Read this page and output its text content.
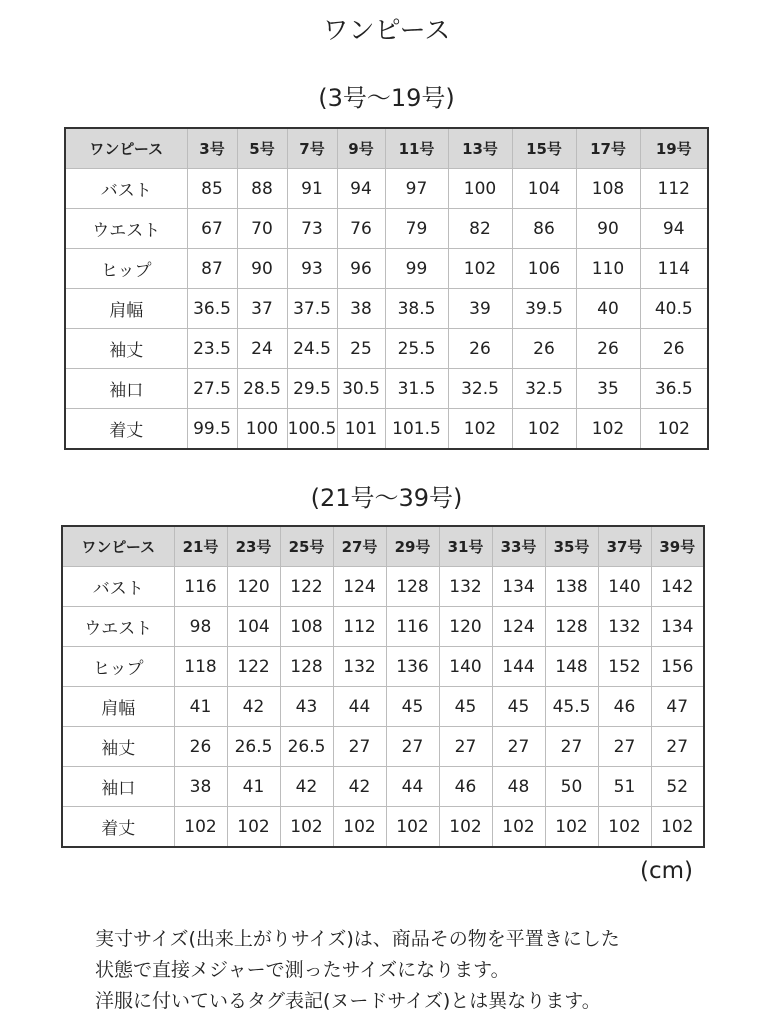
ワンピース
(3号〜19号)
ワンピース	3号	5号	7号	9号	11号	13号	15号	17号	19号
バスト	85	88	91	94	97	100	104	108	112
ウエスト	67	70	73	76	79	82	86	90	94
ヒップ	87	90	93	96	99	102	106	110	114
肩幅	36.5	37	37.5	38	38.5	39	39.5	40	40.5
袖丈	23.5	24	24.5	25	25.5	26	26	26	26
袖口	27.5	28.5	29.5	30.5	31.5	32.5	32.5	35	36.5
着丈	99.5	100	100.5	101	101.5	102	102	102	102
(21号〜39号)
ワンピース	21号	23号	25号	27号	29号	31号	33号	35号	37号	39号
バスト	116	120	122	124	128	132	134	138	140	142
ウエスト	98	104	108	112	116	120	124	128	132	134
ヒップ	118	122	128	132	136	140	144	148	152	156
肩幅	41	42	43	44	45	45	45	45.5	46	47
袖丈	26	26.5	26.5	27	27	27	27	27	27	27
袖口	38	41	42	42	44	46	48	50	51	52
着丈	102	102	102	102	102	102	102	102	102	102
(cm)
実寸サイズ(出来上がりサイズ)は、商品その物を平置きにした
状態で直接メジャーで測ったサイズになります。
洋服に付いているタグ表記(ヌードサイズ)とは異なります。
